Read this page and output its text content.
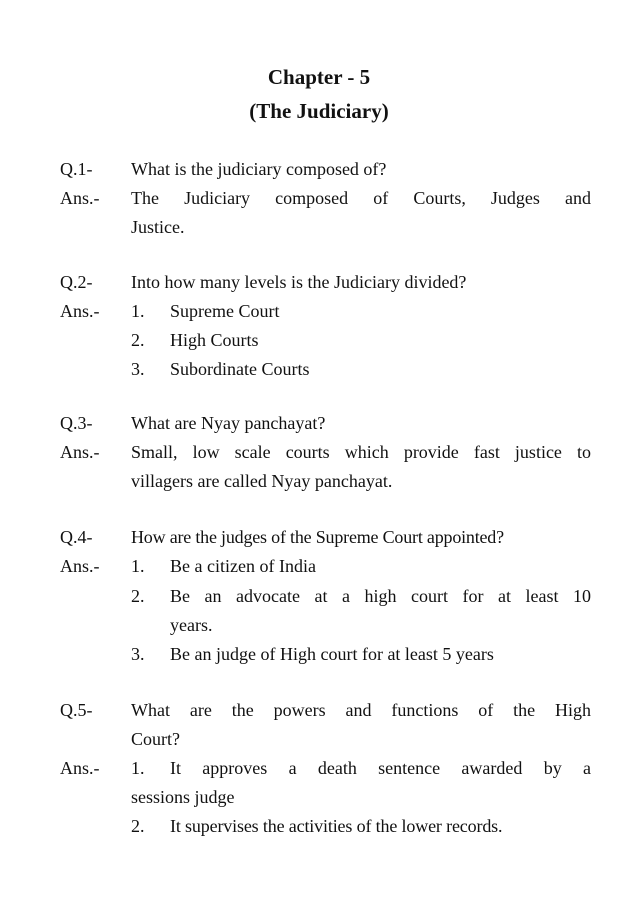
Chapter - 5
(The Judiciary)
Q.1- What is the judiciary composed of?
Ans.- The Judiciary composed of Courts, Judges and
Justice.
Q.2- Into how many levels is the Judiciary divided?
Ans.- 1. Supreme Court
2. High Courts
3. Subordinate Courts
Q.3- What are Nyay panchayat?
Ans.- Small, low scale courts which provide fast justice to
villagers are called Nyay panchayat.
Q.4- How are the judges of the Supreme Court appointed?
Ans.- 1. Be a citizen of India
2. Be an advocate at a high court for at least 10
years.
3. Be an judge of High court for at least 5 years
Q.5- What are the powers and functions of the High
Court?
Ans.- 1. It approves a death sentence awarded by a
sessions judge
2. It supervises the activities of the lower records.
